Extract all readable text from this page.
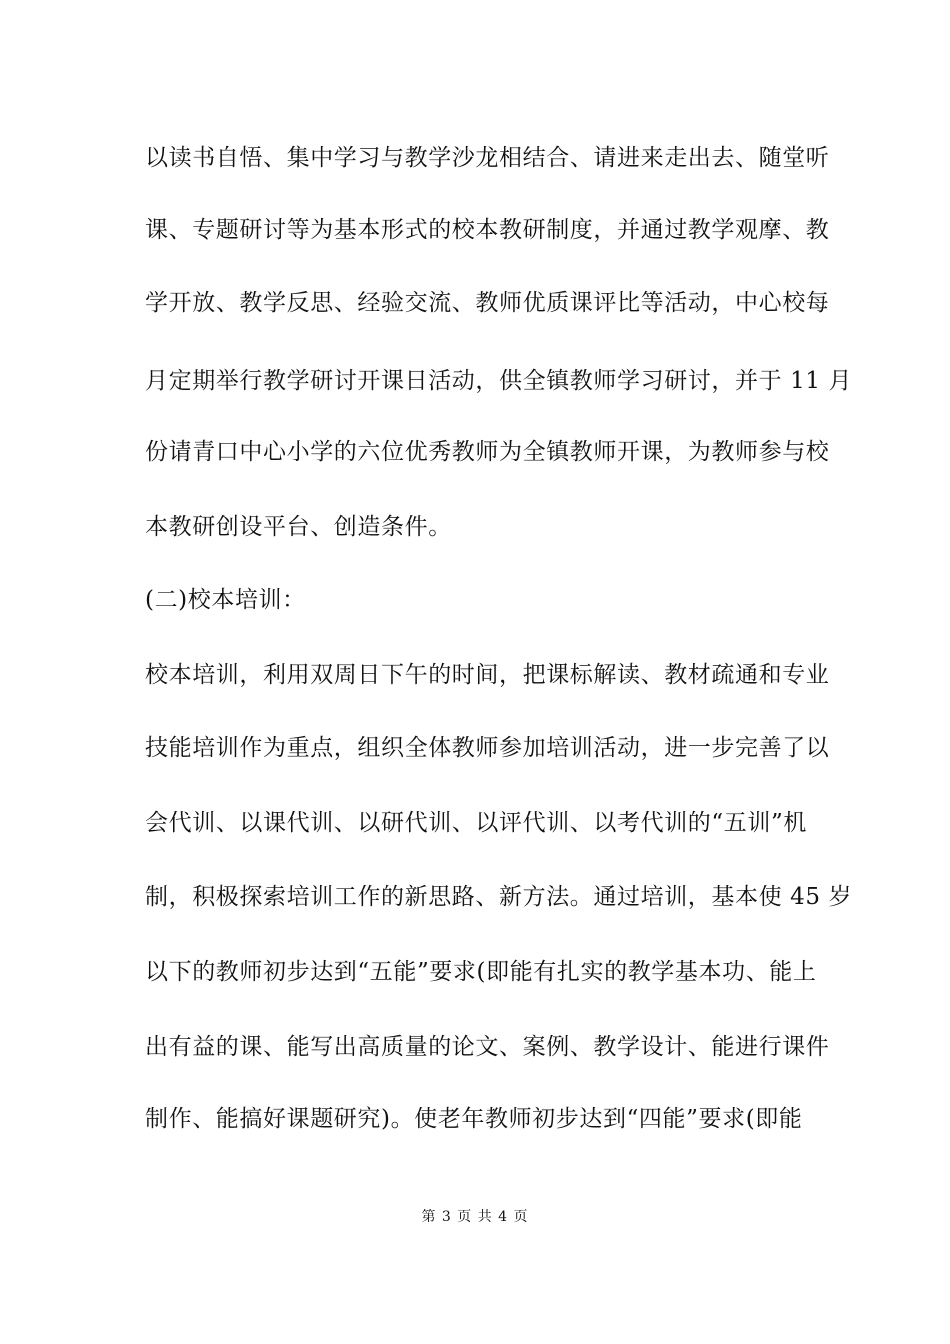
以读书自悟、集中学习与教学沙龙相结合、请进来走出去、随堂听
课、专题研讨等为基本形式的校本教研制度，并通过教学观摩、教
学开放、教学反思、经验交流、教师优质课评比等活动，中心校每
月定期举行教学研讨开课日活动，供全镇教师学习研讨，并于 11 月
份请青口中心小学的六位优秀教师为全镇教师开课，为教师参与校
本教研创设平台、创造条件。
(二)校本培训：
校本培训，利用双周日下午的时间，把课标解读、教材疏通和专业
技能培训作为重点，组织全体教师参加培训活动，进一步完善了以
会代训、以课代训、以研代训、以评代训、以考代训的“五训”机
制，积极探索培训工作的新思路、新方法。通过培训，基本使 45 岁
以下的教师初步达到“五能”要求(即能有扎实的教学基本功、能上
出有益的课、能写出高质量的论文、案例、教学设计、能进行课件
制作、能搞好课题研究)。使老年教师初步达到“四能”要求(即能
第 3 页 共 4 页
